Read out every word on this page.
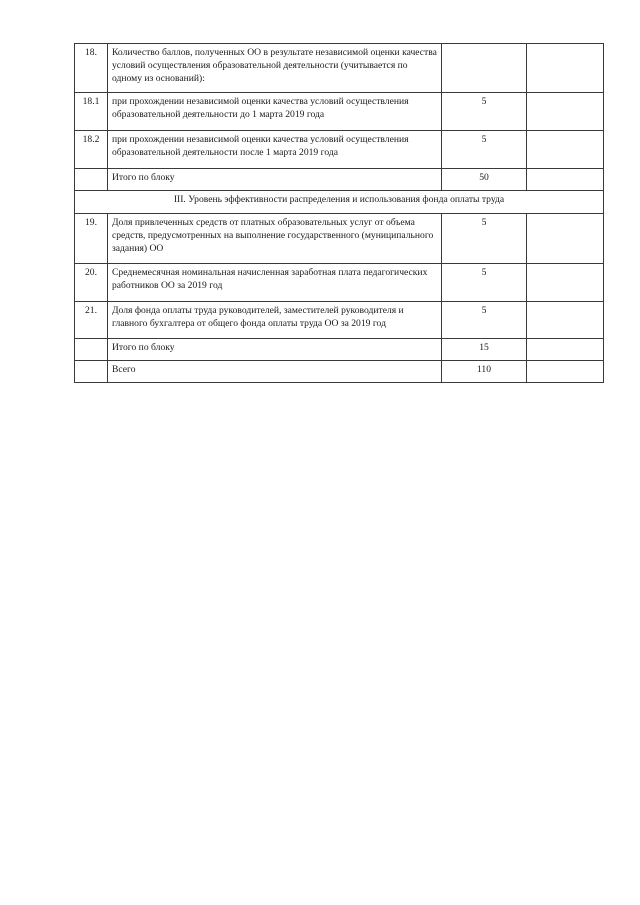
18.	Количество баллов, полученных ОО в результате независимой оценки качества условий осуществления образовательной деятельности (учитывается по одному из оснований):		
18.1	при прохождении независимой оценки качества условий осуществления образовательной деятельности до 1 марта 2019 года	5	
18.2	при прохождении независимой оценки качества условий осуществления образовательной деятельности после 1 марта 2019 года	5	
	Итого по блоку	50	
III. Уровень эффективности распределения и использования фонда оплаты труда			
19.	Доля привлеченных средств от платных образовательных услуг от объема средств, предусмотренных на выполнение государственного (муниципального задания) ОО	5	
20.	Среднемесячная номинальная начисленная заработная плата педагогических работников ОО за 2019 год	5	
21.	Доля фонда оплаты труда руководителей, заместителей руководителя и главного бухгалтера от общего фонда оплаты труда ОО за 2019 год	5	
	Итого по блоку	15	
	Всего	110	
